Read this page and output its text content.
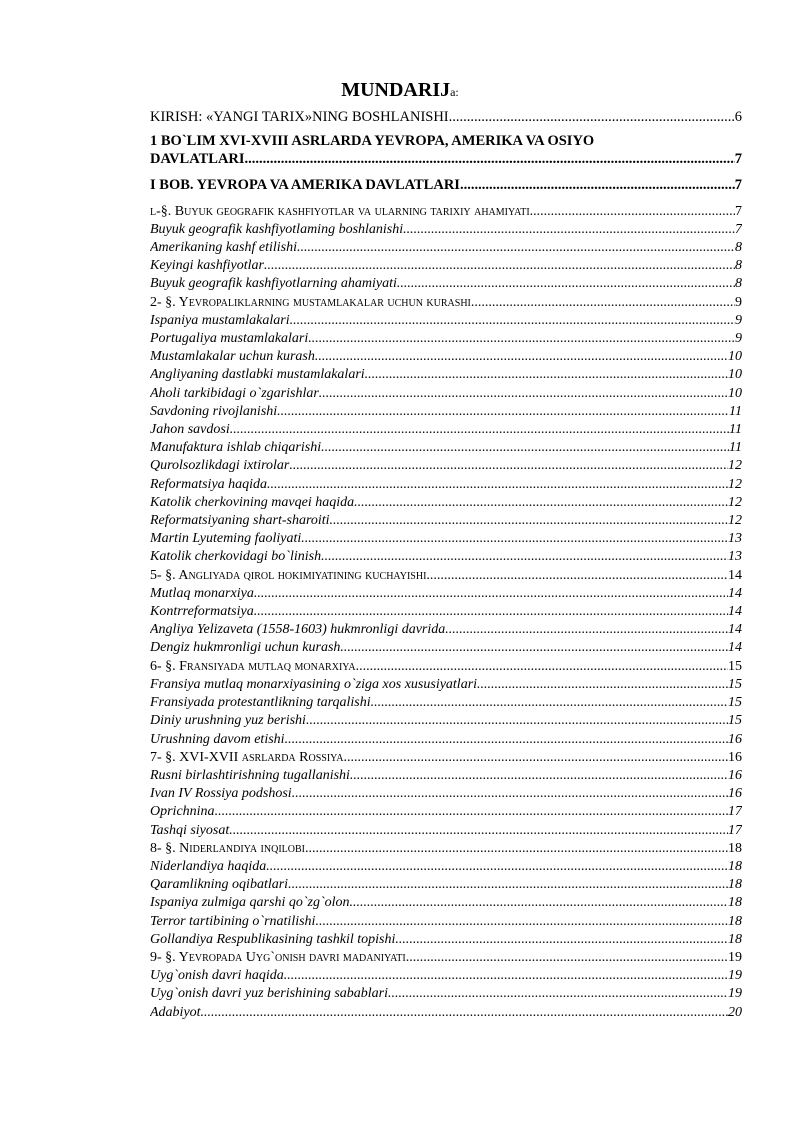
MUNDARIJa:
KIRISH: «YANGI TARIX»NING BOSHLANISHI .....	6
1 BO`LIM XVI-XVIII ASRLARDA YEVROPA, AMERIKA VA OSIYO
DAVLATLARI .....	7
I BOB. YEVROPA VA AMERIKA DAVLATLARI .....	7
l-§. Buyuk geografik kashfiyotlar va ularning tarixiy ahamiyati .....	7
Buyuk geografik kashfiyotlaming boshlanishi .....	7
Amerikaning kashf etilishi .....	8
Keyingi kashfiyotlar .....	8
Buyuk geografik kashfiyotlarning ahamiyati .....	8
2- §. Yevropaliklarning mustamlakalar uchun kurashi .....	9
Ispaniya mustamlakalari .....	9
Portugaliya mustamlakalari .....	9
Mustamlakalar uchun kurash .....	10
Angliyaning dastlabki mustamlakalari .....	10
Aholi tarkibidagi o`zgarishlar .....	10
Savdoning rivojlanishi .....	11
Jahon savdosi .....	11
Manufaktura ishlab chiqarishi .....	11
Qurolsozlikdagi ixtirolar .....	12
Reformatsiya haqida .....	12
Katolik cherkovining mavqei haqida .....	12
Reformatsiyaning shart-sharoiti .....	12
Martin Lyuteming faoliyati .....	13
Katolik cherkovidagi bo`linish .....	13
5- §. Angliyada qirol hokimiyatining kuchayishi .....	14
Mutlaq monarxiya .....	14
Kontrreformatsiya .....	14
Angliya Yelizaveta (1558-1603) hukmronligi davrida .....	14
Dengiz hukmronligi uchun kurash .....	14
6- §. Fransiyada mutlaq monarxiya .....	15
Fransiya mutlaq monarxiyasining o`ziga xos xususiyatlari .....	15
Fransiyada protestantlikning tarqalishi .....	15
Diniy urushning yuz berishi .....	15
Urushning davom etishi .....	16
7- §. XVI-XVII asrlarda Rossiya .....	16
Rusni birlashtirishning tugallanishi .....	16
Ivan IV Rossiya podshosi .....	16
Oprichnina .....	17
Tashqi siyosat .....	17
8- §. Niderlandiya inqilobi .....	18
Niderlandiya haqida .....	18
Qaramlikning oqibatlari .....	18
Ispaniya zulmiga qarshi qo`zg`olon .....	18
Terror tartibining o`rnatilishi .....	18
Gollandiya Respublikasining tashkil topishi .....	18
9- §. Yevropada Uyg`onish davri madaniyati .....	19
Uyg`onish davri haqida .....	19
Uyg`onish davri yuz berishining sabablari .....	19
Adabiyot .....	20
